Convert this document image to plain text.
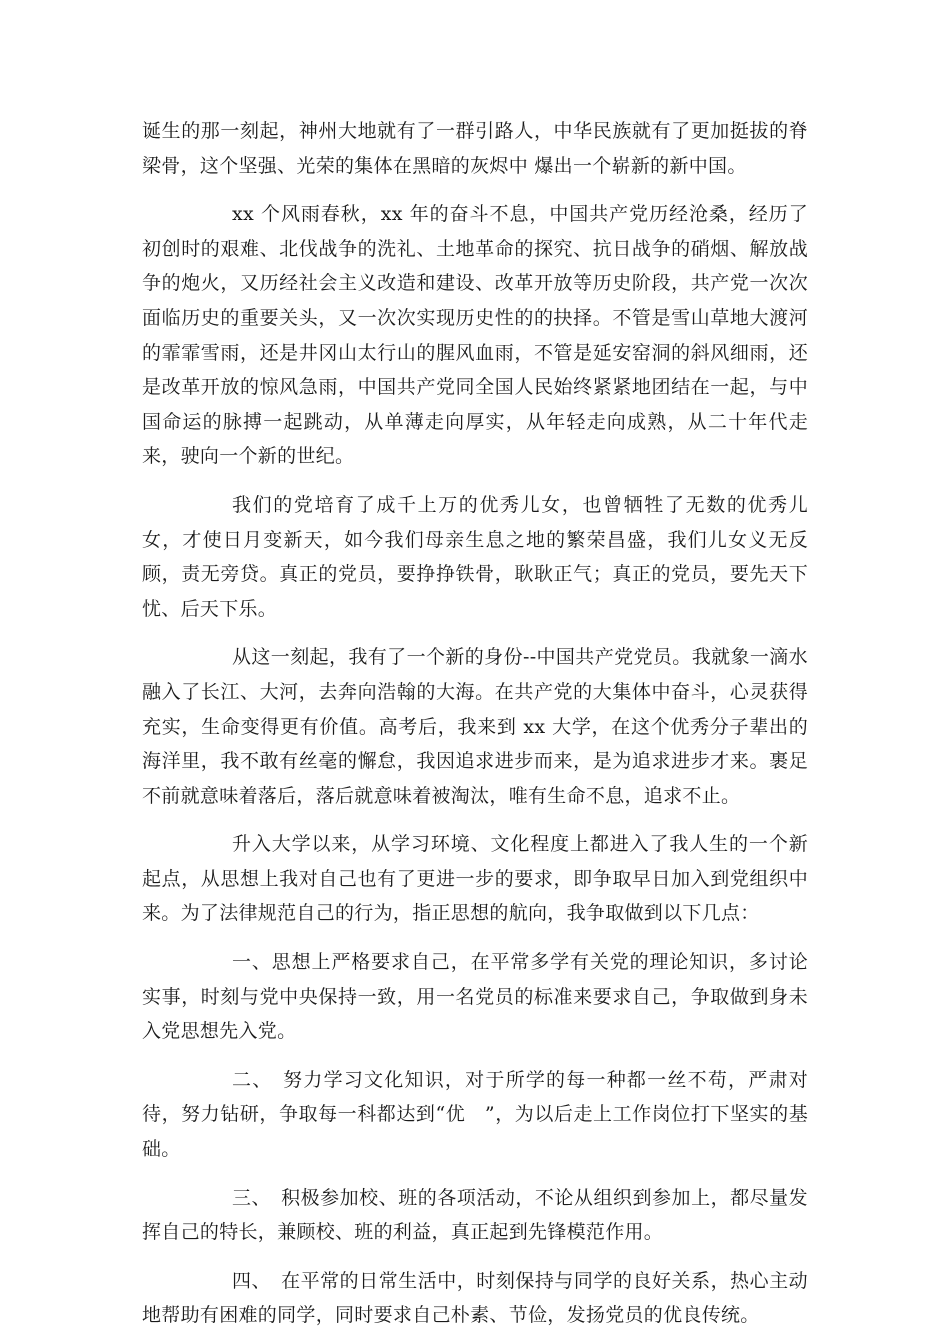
诞生的那一刻起，神州大地就有了一群引路人，中华民族就有了更加挺拔的脊梁骨，这个坚强、光荣的集体在黑暗的灰烬中 爆出一个崭新的新中国。

xx 个风雨春秋，xx 年的奋斗不息，中国共产党历经沧桑，经历了初创时的艰难、北伐战争的洗礼、土地革命的探究、抗日战争的硝烟、解放战争的炮火，又历经社会主义改造和建设、改革开放等历史阶段，共产党一次次面临历史的重要关头，又一次次实现历史性的的抉择。不管是雪山草地大渡河的霏霏雪雨，还是井冈山太行山的腥风血雨，不管是延安窑洞的斜风细雨，还是改革开放的惊风急雨，中国共产党同全国人民始终紧紧地团结在一起，与中国命运的脉搏一起跳动，从单薄走向厚实，从年轻走向成熟，从二十年代走来，驶向一个新的世纪。

我们的党培育了成千上万的优秀儿女，也曾牺牲了无数的优秀儿女，才使日月变新天，如今我们母亲生息之地的繁荣昌盛，我们儿女义无反顾，责无旁贷。真正的党员，要挣挣铁骨，耿耿正气；真正的党员，要先天下忧、后天下乐。

从这一刻起，我有了一个新的身份--中国共产党党员。我就象一滴水融入了长江、大河，去奔向浩翰的大海。在共产党的大集体中奋斗，心灵获得充实，生命变得更有价值。高考后，我来到 xx 大学，在这个优秀分子辈出的海洋里，我不敢有丝毫的懈怠，我因追求进步而来，是为追求进步才来。裹足不前就意味着落后，落后就意味着被淘汰，唯有生命不息，追求不止。

升入大学以来，从学习环境、文化程度上都进入了我人生的一个新起点，从思想上我对自己也有了更进一步的要求，即争取早日加入到党组织中来。为了法律规范自己的行为，指正思想的航向，我争取做到以下几点：

一、思想上严格要求自己，在平常多学有关党的理论知识，多讨论实事，时刻与党中央保持一致，用一名党员的标准来要求自己，争取做到身未入党思想先入党。

二、　努力学习文化知识，对于所学的每一种都一丝不苟，严肃对待，努力钻研，争取每一科都达到“优　”，为以后走上工作岗位打下坚实的基础。

三、　积极参加校、班的各项活动，不论从组织到参加上，都尽量发挥自己的特长，兼顾校、班的利益，真正起到先锋模范作用。

四、　在平常的日常生活中，时刻保持与同学的良好关系，热心主动地帮助有困难的同学，同时要求自己朴素、节俭，发扬党员的优良传统。
